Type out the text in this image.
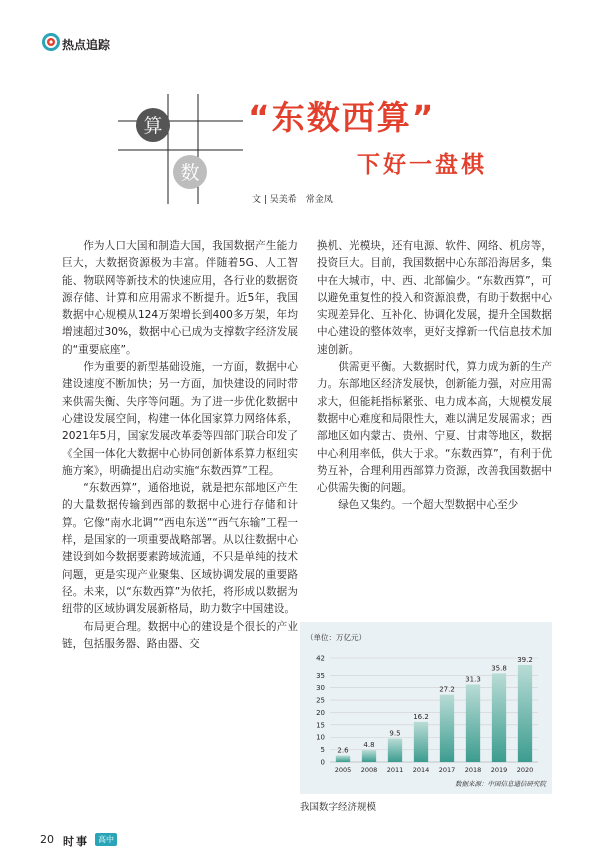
热点追踪
算
数
“东数西算”
下好一盘棋
文 | 吴美希　常金凤

作为人口大国和制造大国，我国数据产生能力巨大，大数据资源极为丰富。伴随着5G、人工智能、物联网等新技术的快速应用，各行业的数据资源存储、计算和应用需求不断提升。近5年，我国数据中心规模从124万架增长到400多万架，年均增速超过30%，数据中心已成为支撑数字经济发展的“重要底座”。

作为重要的新型基础设施，一方面，数据中心建设速度不断加快；另一方面，加快建设的同时带来供需失衡、失序等问题。为了进一步优化数据中心建设发展空间，构建一体化国家算力网络体系，2021年5月，国家发展改革委等四部门联合印发了《全国一体化大数据中心协同创新体系算力枢纽实施方案》，明确提出启动实施“东数西算”工程。

“东数西算”，通俗地说，就是把东部地区产生的大量数据传输到西部的数据中心进行存储和计算。它像“南水北调”“西电东送”“西气东输”工程一样，是国家的一项重要战略部署。从以往数据中心建设到如今数据要素跨域流通，不只是单纯的技术问题，更是实现产业聚集、区域协调发展的重要路径。未来，以“东数西算”为依托，将形成以数据为纽带的区域协调发展新格局，助力数字中国建设。

布局更合理。数据中心的建设是个很长的产业链，包括服务器、路由器、交

换机、光模块，还有电源、软件、网络、机房等，投资巨大。目前，我国数据中心东部沿海居多，集中在大城市，中、西、北部偏少。“东数西算”，可以避免重复性的投入和资源浪费，有助于数据中心实现差异化、互补化、协调化发展，提升全国数据中心建设的整体效率，更好支撑新一代信息技术加速创新。

供需更平衡。大数据时代，算力成为新的生产力。东部地区经济发展快，创新能力强，对应用需求大，但能耗指标紧张、电力成本高，大规模发展数据中心难度和局限性大，难以满足发展需求；西部地区如内蒙古、贵州、宁夏、甘肃等地区，数据中心利用率低，供大于求。“东数西算”，有利于优势互补，合理利用西部算力资源，改善我国数据中心供需失衡的问题。

绿色又集约。一个超大型数据中心至少

（单位：万亿元）
0
5
10
15
20
25
30
35
42
2.6
2005
4.8
2008
9.5
2011
16.2
2014
27.2
2017
31.3
2018
35.8
2019
39.2
2020
数据来源：中国信息通信研究院
我国数字经济规模
20 时事	高中
